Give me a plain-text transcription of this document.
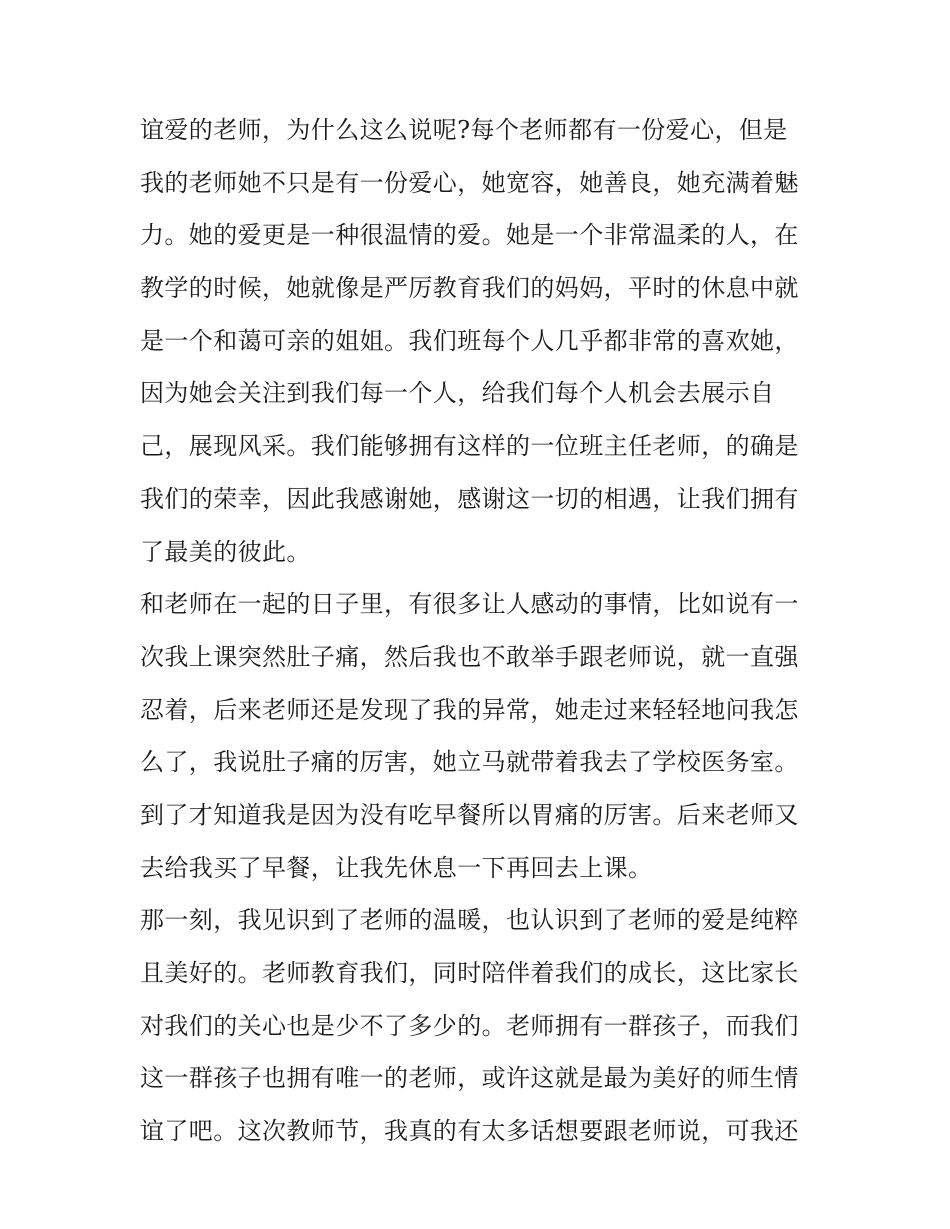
谊爱的老师，为什么这么说呢?每个老师都有一份爱心，但是
我的老师她不只是有一份爱心，她宽容，她善良，她充满着魅
力。她的爱更是一种很温情的爱。她是一个非常温柔的人，在
教学的时候，她就像是严厉教育我们的妈妈，平时的休息中就
是一个和蔼可亲的姐姐。我们班每个人几乎都非常的喜欢她，
因为她会关注到我们每一个人，给我们每个人机会去展示自
己，展现风采。我们能够拥有这样的一位班主任老师，的确是
我们的荣幸，因此我感谢她，感谢这一切的相遇，让我们拥有
了最美的彼此。
和老师在一起的日子里，有很多让人感动的事情，比如说有一
次我上课突然肚子痛，然后我也不敢举手跟老师说，就一直强
忍着，后来老师还是发现了我的异常，她走过来轻轻地问我怎
么了，我说肚子痛的厉害，她立马就带着我去了学校医务室。
到了才知道我是因为没有吃早餐所以胃痛的厉害。后来老师又
去给我买了早餐，让我先休息一下再回去上课。
那一刻，我见识到了老师的温暖，也认识到了老师的爱是纯粹
且美好的。老师教育我们，同时陪伴着我们的成长，这比家长
对我们的关心也是少不了多少的。老师拥有一群孩子，而我们
这一群孩子也拥有唯一的老师，或许这就是最为美好的师生情
谊了吧。这次教师节，我真的有太多话想要跟老师说，可我还
